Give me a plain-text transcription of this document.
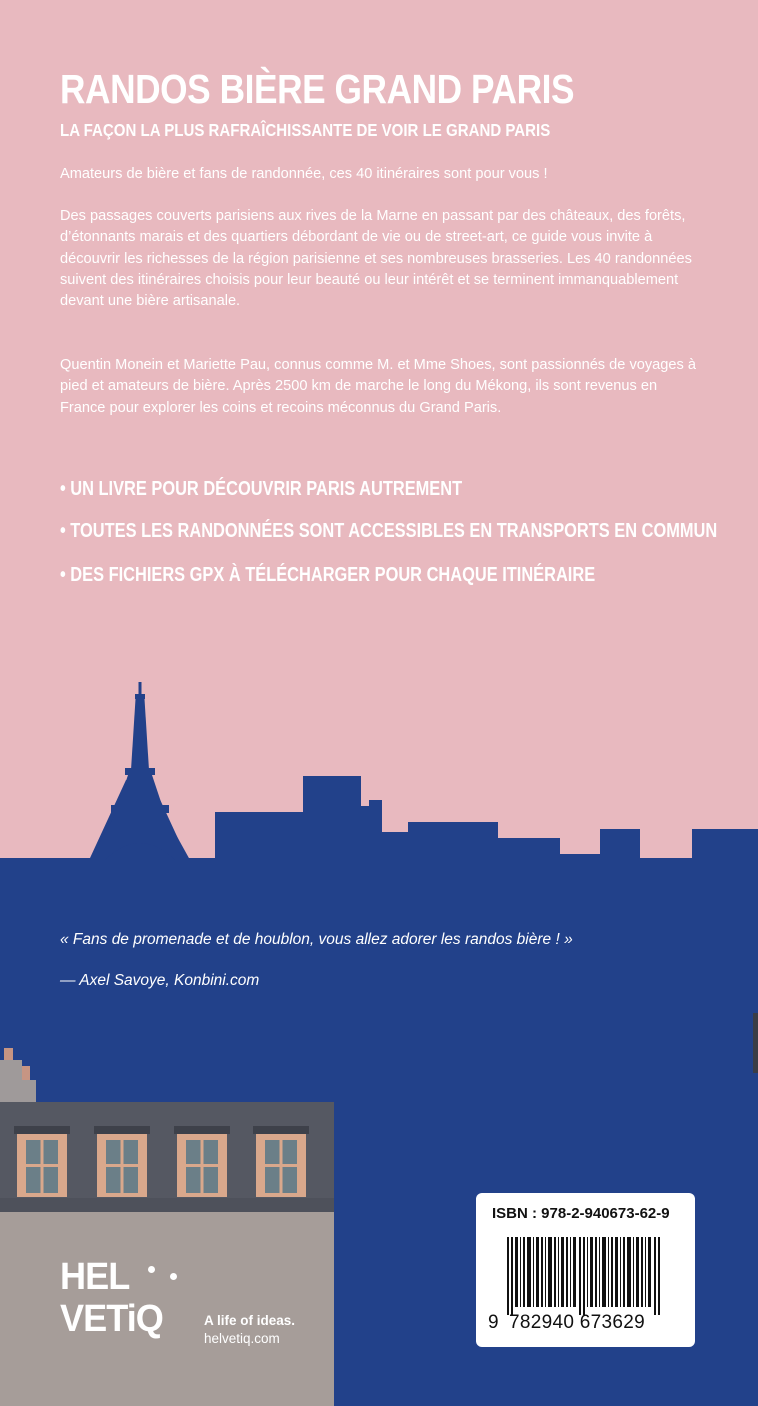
RANDOS BIÈRE GRAND PARIS
LA FAÇON LA PLUS RAFRAÎCHISSANTE DE VOIR LE GRAND PARIS

Amateurs de bière et fans de randonnée, ces 40 itinéraires sont pour vous !

Des passages couverts parisiens aux rives de la Marne en passant par des châteaux, des forêts, d’étonnants marais et des quartiers débordant de vie ou de street-art, ce guide vous invite à découvrir les richesses de la région parisienne et ses nombreuses brasseries. Les 40 randonnées suivent des itinéraires choisis pour leur beauté ou leur intérêt et se terminent immanquablement devant une bière artisanale.

Quentin Monein et Mariette Pau, connus comme M. et Mme Shoes, sont passionnés de voyages à pied et amateurs de bière. Après 2500 km de marche le long du Mékong, ils sont revenus en France pour explorer les coins et recoins méconnus du Grand Paris.

• UN LIVRE POUR DÉCOUVRIR PARIS AUTREMENT

• TOUTES LES RANDONNÉES SONT ACCESSIBLES EN TRANSPORTS EN COMMUN

• DES FICHIERS GPX À TÉLÉCHARGER POUR CHAQUE ITINÉRAIRE

« Fans de promenade et de houblon, vous allez adorer les randos bière ! »

— Axel Savoye, Konbini.com

HEL
VETiQ	A life of ideas.

helvetiq.com

ISBN : 978-2-940673-62-9

9 782940 673629
